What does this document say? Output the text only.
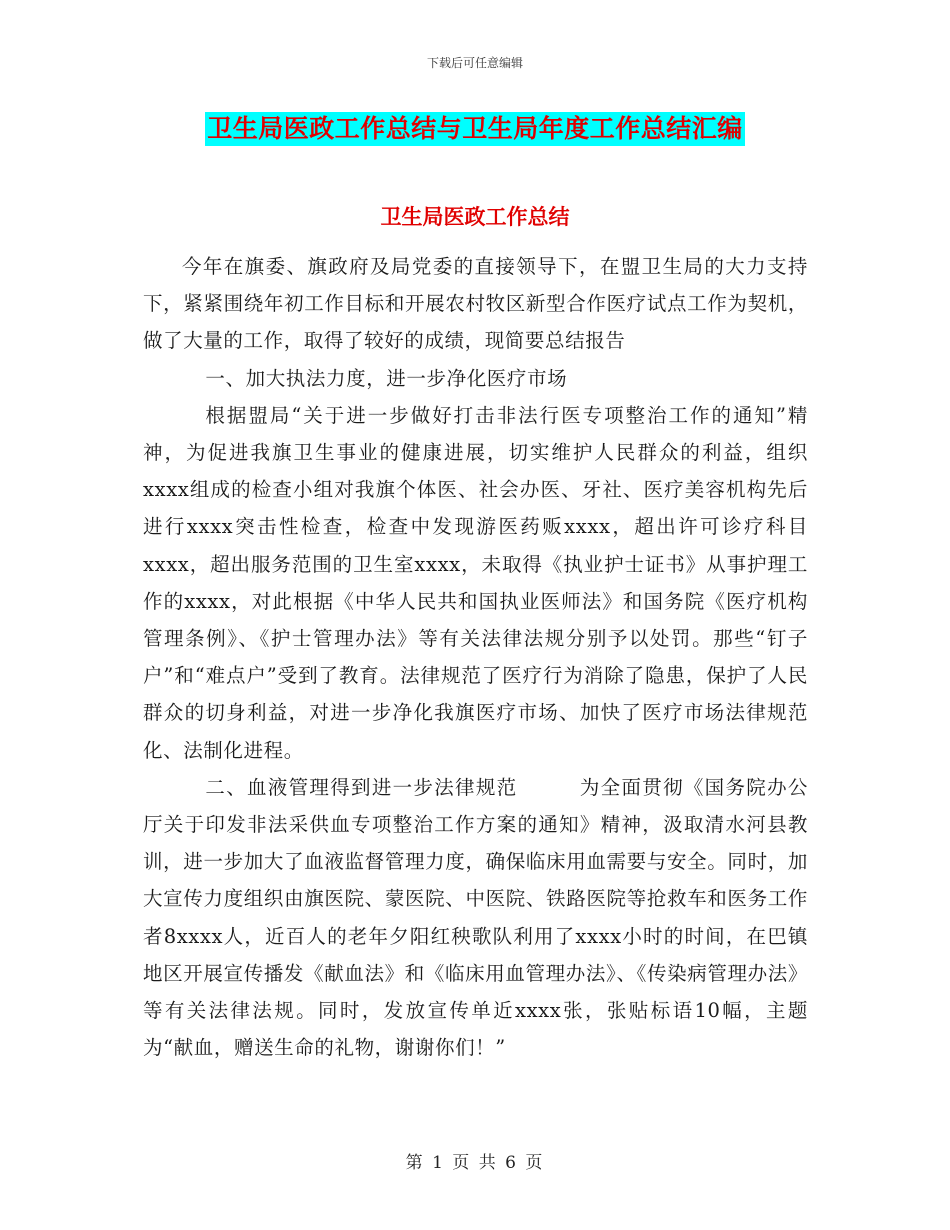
下载后可任意编辑
卫生局医政工作总结与卫生局年度工作总结汇编
卫生局医政工作总结

今年在旗委、旗政府及局党委的直接领导下，在盟卫生局的大力支持下，紧紧围绕年初工作目标和开展农村牧区新型合作医疗试点工作为契机，做了大量的工作，取得了较好的成绩，现简要总结报告

一、加大执法力度，进一步净化医疗市场

根据盟局“关于进一步做好打击非法行医专项整治工作的通知”精神，为促进我旗卫生事业的健康进展，切实维护人民群众的利益，组织xxxx组成的检查小组对我旗个体医、社会办医、牙社、医疗美容机构先后进行xxxx突击性检查，检查中发现游医药贩xxxx，超出许可诊疗科目xxxx，超出服务范围的卫生室xxxx，未取得《执业护士证书》从事护理工作的xxxx，对此根据《中华人民共和国执业医师法》和国务院《医疗机构管理条例》、《护士管理办法》等有关法律法规分别予以处罚。那些“钉子户”和“难点户”受到了教育。法律规范了医疗行为消除了隐患，保护了人民群众的切身利益，对进一步净化我旗医疗市场、加快了医疗市场法律规范化、法制化进程。

二、血液管理得到进一步法律规范　　　为全面贯彻《国务院办公厅关于印发非法采供血专项整治工作方案的通知》精神，汲取清水河县教训，进一步加大了血液监督管理力度，确保临床用血需要与安全。同时，加大宣传力度组织由旗医院、蒙医院、中医院、铁路医院等抢救车和医务工作者8xxxx人，近百人的老年夕阳红秧歌队利用了xxxx小时的时间，在巴镇地区开展宣传播发《献血法》和《临床用血管理办法》、《传染病管理办法》等有关法律法规。同时，发放宣传单近xxxx张，张贴标语10幅，主题为“献血，赠送生命的礼物，谢谢你们！”

第 1 页 共 6 页
